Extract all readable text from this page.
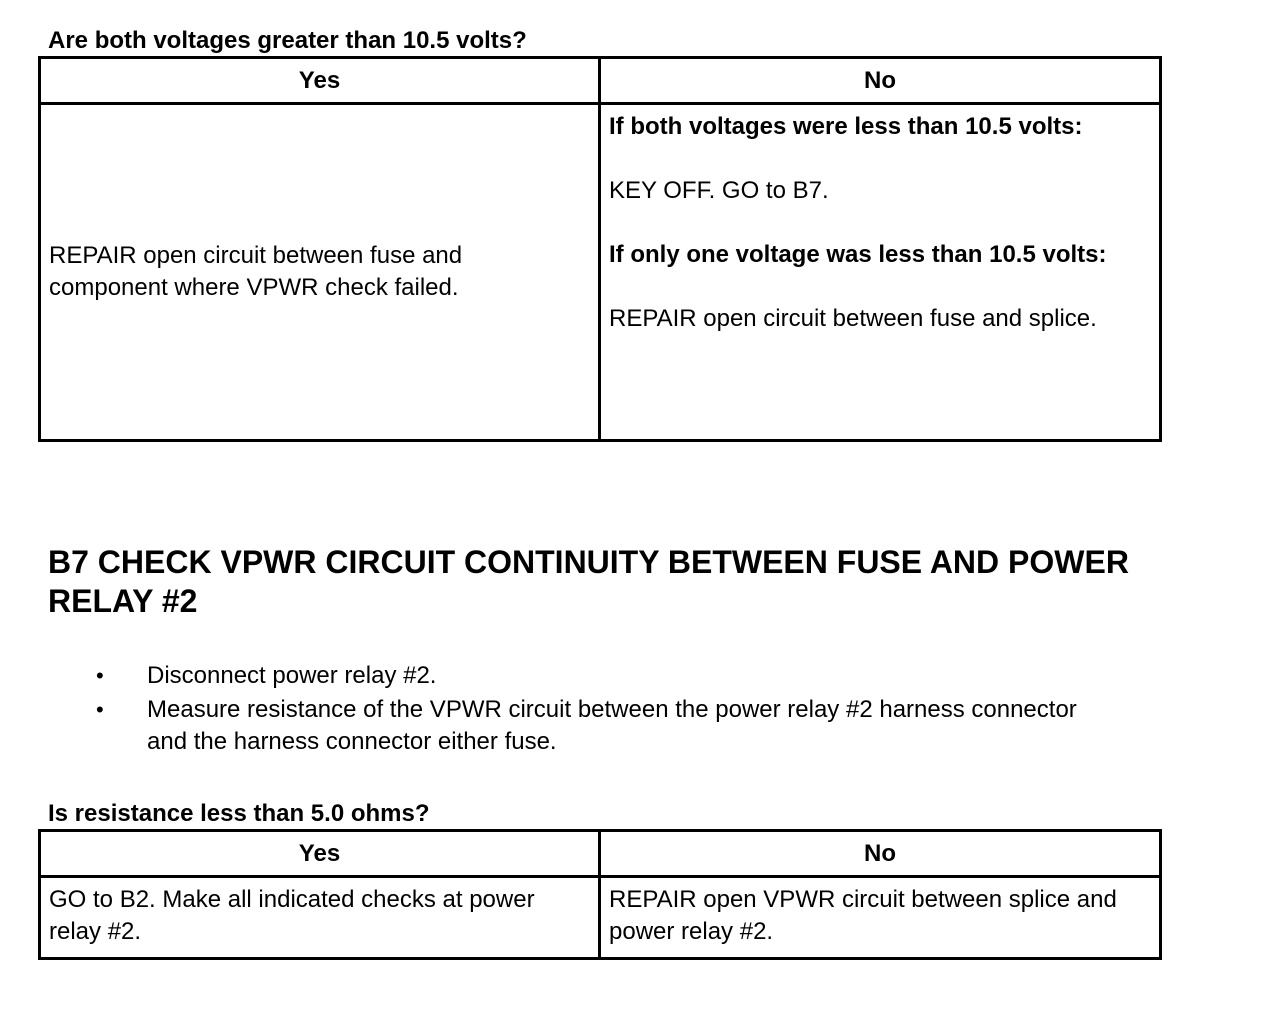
Are both voltages greater than 10.5 volts?

Yes	No

REPAIR open circuit between fuse and component where VPWR check failed.	If both voltages were less than 10.5 volts:

KEY OFF. GO to B7.

If only one voltage was less than 10.5 volts:

REPAIR open circuit between fuse and splice.

B7 CHECK VPWR CIRCUIT CONTINUITY BETWEEN FUSE AND POWER RELAY #2
• Disconnect power relay #2.
• Measure resistance of the VPWR circuit between the power relay #2 harness connector
and the harness connector either fuse.

Is resistance less than 5.0 ohms?

Yes	No

GO to B2. Make all indicated checks at power relay #2.	REPAIR open VPWR circuit between splice and power relay #2.
